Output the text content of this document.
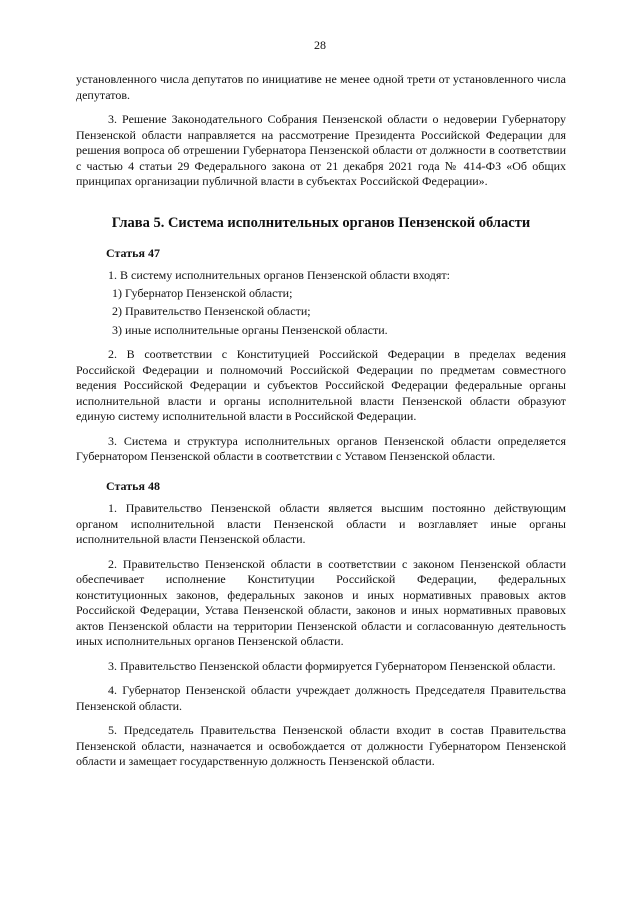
28

установленного числа депутатов по инициативе не менее одной трети от установленного числа депутатов.

3. Решение Законодательного Собрания Пензенской области о недоверии Губернатору Пензенской области направляется на рассмотрение Президента Российской Федерации для решения вопроса об отрешении Губернатора Пензенской области от должности в соответствии с частью 4 статьи 29 Федерального закона от 21 декабря 2021 года № 414-ФЗ «Об общих принципах организации публичной власти в субъектах Российской Федерации».

Глава 5. Система исполнительных органов Пензенской области
Статья 47

1. В систему исполнительных органов Пензенской области входят:

1) Губернатор Пензенской области;

2) Правительство Пензенской области;

3) иные исполнительные органы Пензенской области.

2. В соответствии с Конституцией Российской Федерации в пределах ведения Российской Федерации и полномочий Российской Федерации по предметам совместного ведения Российской Федерации и субъектов Российской Федерации федеральные органы исполнительной власти и органы исполнительной власти Пензенской области образуют единую систему исполнительной власти в Российской Федерации.

3. Система и структура исполнительных органов Пензенской области определяется Губернатором Пензенской области в соответствии с Уставом Пензенской области.

Статья 48

1. Правительство Пензенской области является высшим постоянно действующим органом исполнительной власти Пензенской области и возглавляет иные органы исполнительной власти Пензенской области.

2. Правительство Пензенской области в соответствии с законом Пензенской области обеспечивает исполнение Конституции Российской Федерации, федеральных конституционных законов, федеральных законов и иных нормативных правовых актов Российской Федерации, Устава Пензенской области, законов и иных нормативных правовых актов Пензенской области на территории Пензенской области и согласованную деятельность иных исполнительных органов Пензенской области.

3. Правительство Пензенской области формируется Губернатором Пензенской области.

4. Губернатор Пензенской области учреждает должность Председателя Правительства Пензенской области.

5. Председатель Правительства Пензенской области входит в состав Правительства Пензенской области, назначается и освобождается от должности Губернатором Пензенской области и замещает государственную должность Пензенской области.
